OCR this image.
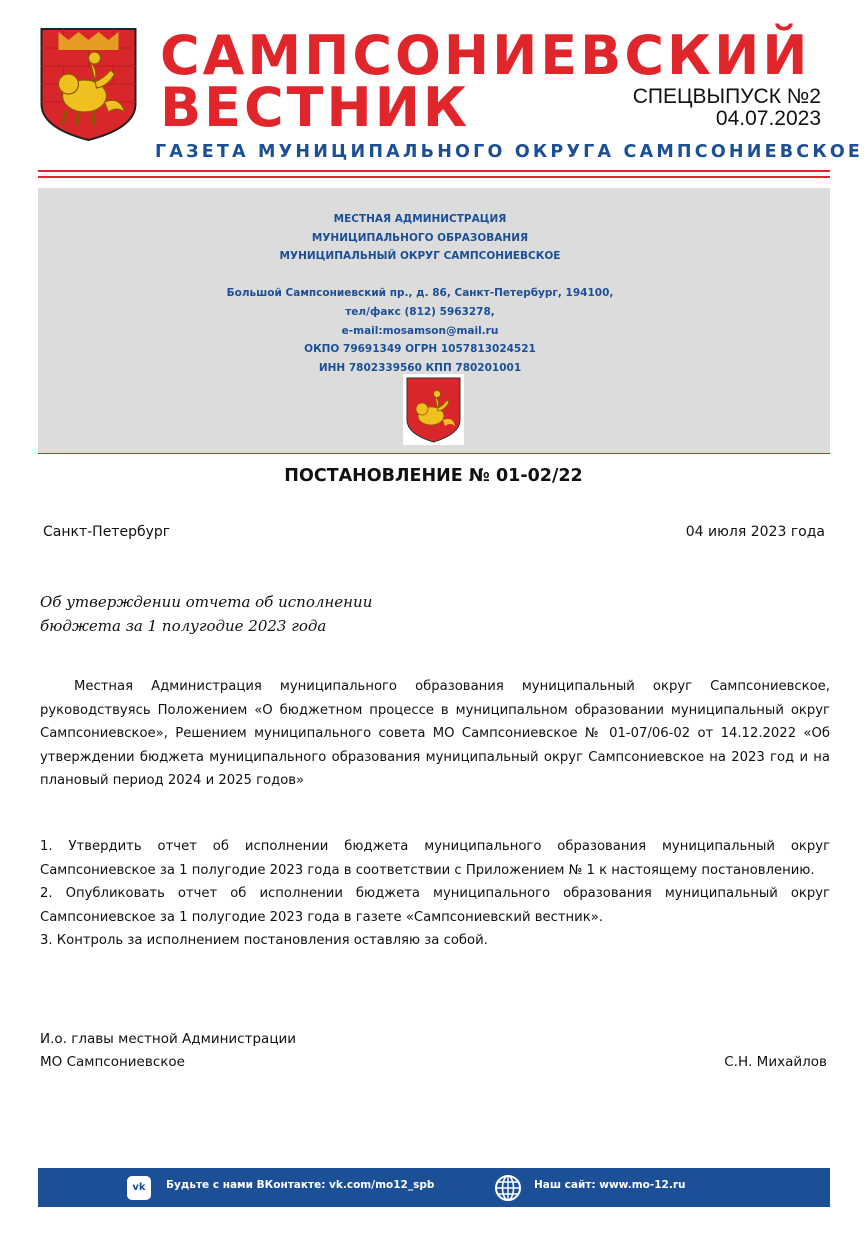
САМПСОНИЕВСКИЙ
ВЕСТНИК	СПЕЦВЫПУСК №2
04.07.2023
ГАЗЕТА МУНИЦИПАЛЬНОГО ОКРУГА САМПСОНИЕВСКОЕ
МЕСТНАЯ АДМИНИСТРАЦИЯ
МУНИЦИПАЛЬНОГО ОБРАЗОВАНИЯ
МУНИЦИПАЛЬНЫЙ ОКРУГ САМПСОНИЕВСКОЕ
Большой Сампсониевский пр., д. 86, Санкт-Петербург, 194100,
тел/факс (812) 5963278,
e-mail:mosamson@mail.ru
ОКПО 79691349 ОГРН 1057813024521
ИНН 7802339560 КПП 780201001
ПОСТАНОВЛЕНИЕ № 01-02/22
Санкт-Петербург	04 июля 2023 года
Об утверждении отчета об исполнении
бюджета за 1 полугодие 2023 года
Местная Администрация муниципального образования муниципальный округ Сампсониевское, руководствуясь Положением «О бюджетном процессе в муниципальном образовании муниципальный округ Сампсониевское», Решением муниципального совета МО Сампсониевское № 01-07/06-02 от 14.12.2022 «Об утверждении бюджета муниципального образования муниципальный округ Сампсониевское на 2023 год и на плановый период 2024 и 2025 годов»

1. Утвердить отчет об исполнении бюджета муниципального образования муниципальный округ Сампсониевское за 1 полугодие 2023 года в соответствии с Приложением № 1 к настоящему постановлению.

2. Опубликовать отчет об исполнении бюджета муниципального образования муниципальный округ Сампсониевское за 1 полугодие 2023 года в газете «Сампсониевский вестник».

3. Контроль за исполнением постановления оставляю за собой.

И.о. главы местной Администрации
МО Сампсониевское	С.Н. Михайлов
vk	Будьте с нами ВКонтакте: vk.com/mo12_spb	Наш сайт: www.mo-12.ru
